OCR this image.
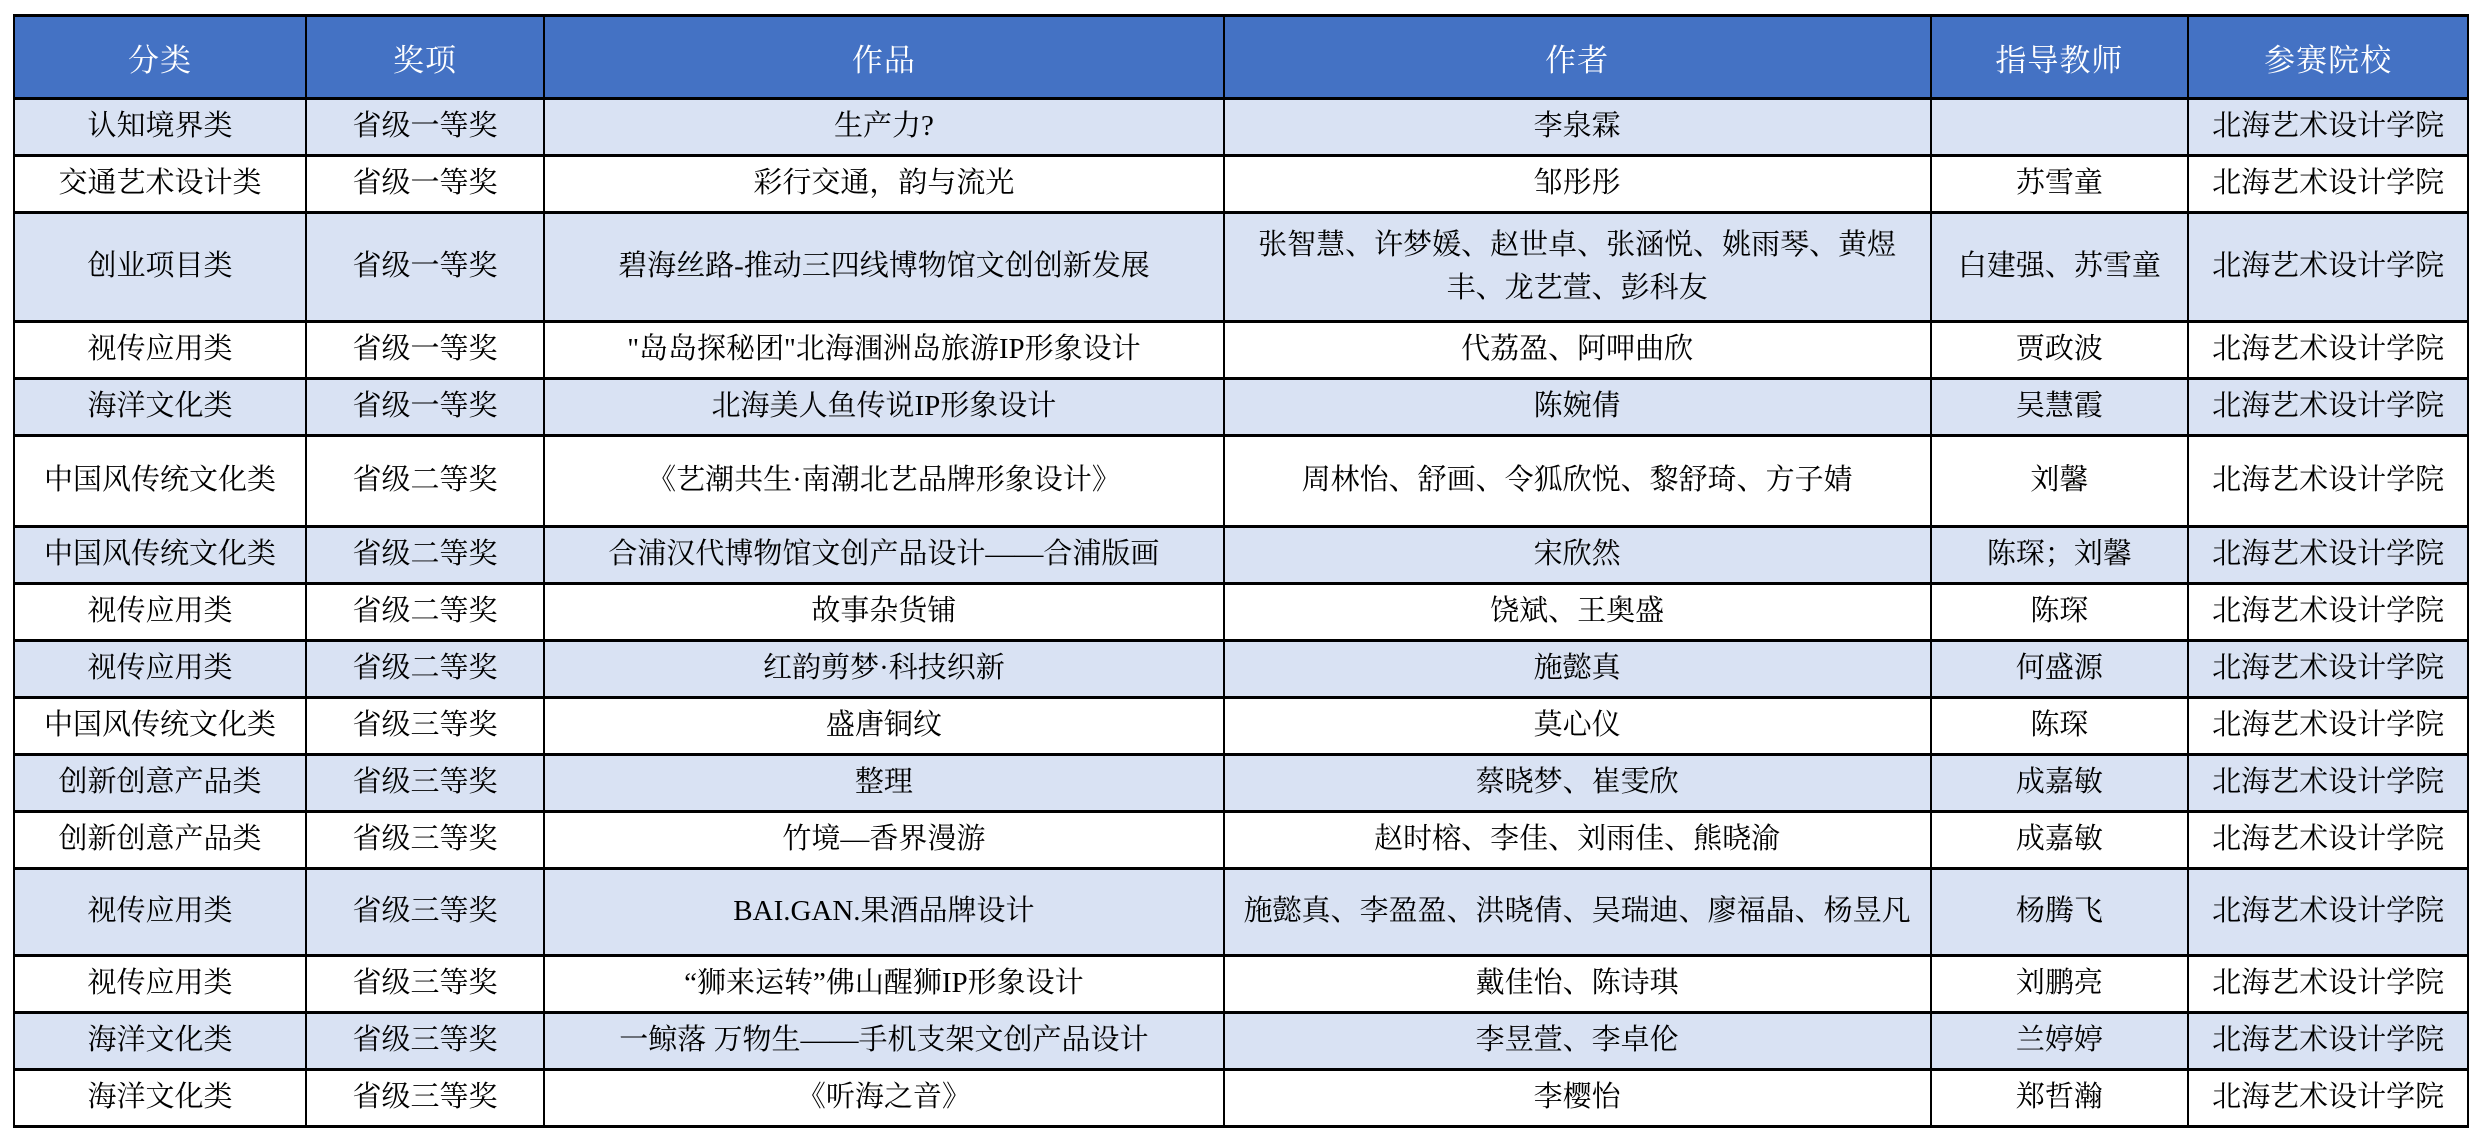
分类	奖项	作品	作者	指导教师	参赛院校
认知境界类	省级一等奖	生产力?	李泉霖		北海艺术设计学院
交通艺术设计类	省级一等奖	彩行交通，韵与流光	邹彤彤	苏雪童	北海艺术设计学院
创业项目类	省级一等奖	碧海丝路-推动三四线博物馆文创创新发展	张智慧、许梦媛、赵世卓、张涵悦、姚雨琴、黄煜丰、龙艺萱、彭科友	白建强、苏雪童	北海艺术设计学院
视传应用类	省级一等奖	"岛岛探秘团"北海涠洲岛旅游IP形象设计	代荔盈、阿呷曲欣	贾政波	北海艺术设计学院
海洋文化类	省级一等奖	北海美人鱼传说IP形象设计	陈婉倩	吴慧霞	北海艺术设计学院
中国风传统文化类	省级二等奖	《艺潮共生·南潮北艺品牌形象设计》	周林怡、舒画、令狐欣悦、黎舒琦、方子婧	刘馨	北海艺术设计学院
中国风传统文化类	省级二等奖	合浦汉代博物馆文创产品设计——合浦版画	宋欣然	陈琛；刘馨	北海艺术设计学院
视传应用类	省级二等奖	故事杂货铺	饶斌、王奥盛	陈琛	北海艺术设计学院
视传应用类	省级二等奖	红韵剪梦·科技织新	施懿真	何盛源	北海艺术设计学院
中国风传统文化类	省级三等奖	盛唐铜纹	莫心仪	陈琛	北海艺术设计学院
创新创意产品类	省级三等奖	整理	蔡晓梦、崔雯欣	成嘉敏	北海艺术设计学院
创新创意产品类	省级三等奖	竹境—香界漫游	赵时榕、李佳、刘雨佳、熊晓渝	成嘉敏	北海艺术设计学院
视传应用类	省级三等奖	BAI.GAN.果酒品牌设计	施懿真、李盈盈、洪晓倩、吴瑞迪、廖福晶、杨昱凡	杨腾飞	北海艺术设计学院
视传应用类	省级三等奖	“狮来运转”佛山醒狮IP形象设计	戴佳怡、陈诗琪	刘鹏亮	北海艺术设计学院
海洋文化类	省级三等奖	一鲸落 万物生——手机支架文创产品设计	李昱萱、李卓伦	兰婷婷	北海艺术设计学院
海洋文化类	省级三等奖	《听海之音》	李樱怡	郑哲瀚	北海艺术设计学院
